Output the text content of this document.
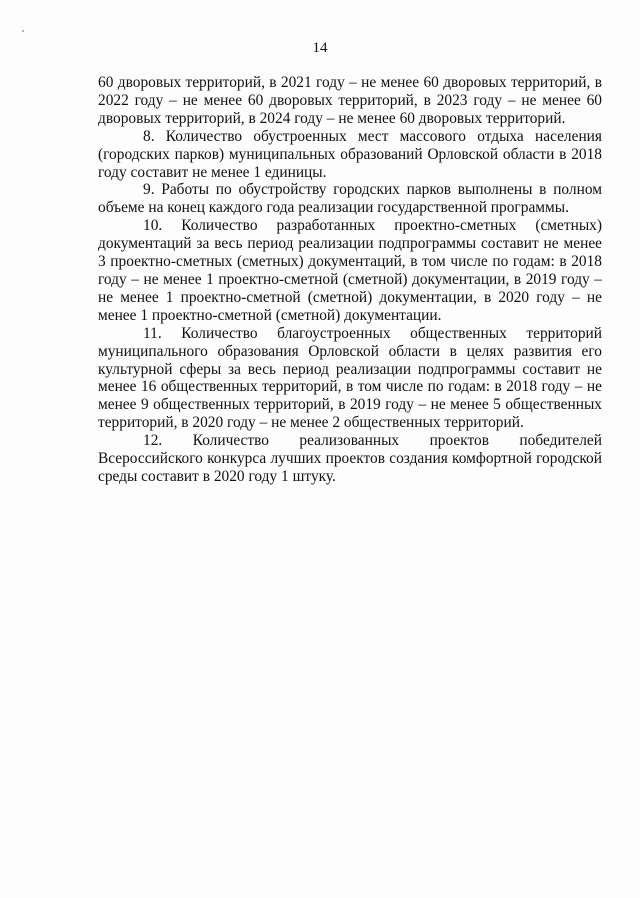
14

60 дворовых территорий, в 2021 году – не менее 60 дворовых территорий, в 2022 году – не менее 60 дворовых территорий, в 2023 году – не менее 60 дворовых территорий, в 2024 году – не менее 60 дворовых территорий.

8. Количество обустроенных мест массового отдыха населения (городских парков) муниципальных образований Орловской области в 2018 году составит не менее 1 единицы.

9. Работы по обустройству городских парков выполнены в полном объеме на конец каждого года реализации государственной программы.

10. Количество разработанных проектно-сметных (сметных) документаций за весь период реализации подпрограммы составит не менее 3 проектно-сметных (сметных) документаций, в том числе по годам: в 2018 году – не менее 1 проектно-сметной (сметной) документации, в 2019 году – не менее 1 проектно-сметной (сметной) документации, в 2020 году – не менее 1 проектно-сметной (сметной) документации.

11. Количество благоустроенных общественных территорий муниципального образования Орловской области в целях развития его культурной сферы за весь период реализации подпрограммы составит не менее 16 общественных территорий, в том числе по годам: в 2018 году – не менее 9 общественных территорий, в 2019 году – не менее 5 общественных территорий, в 2020 году – не менее 2 общественных территорий.

12. Количество реализованных проектов победителей Всероссийского конкурса лучших проектов создания комфортной городской среды составит в 2020 году 1 штуку.
